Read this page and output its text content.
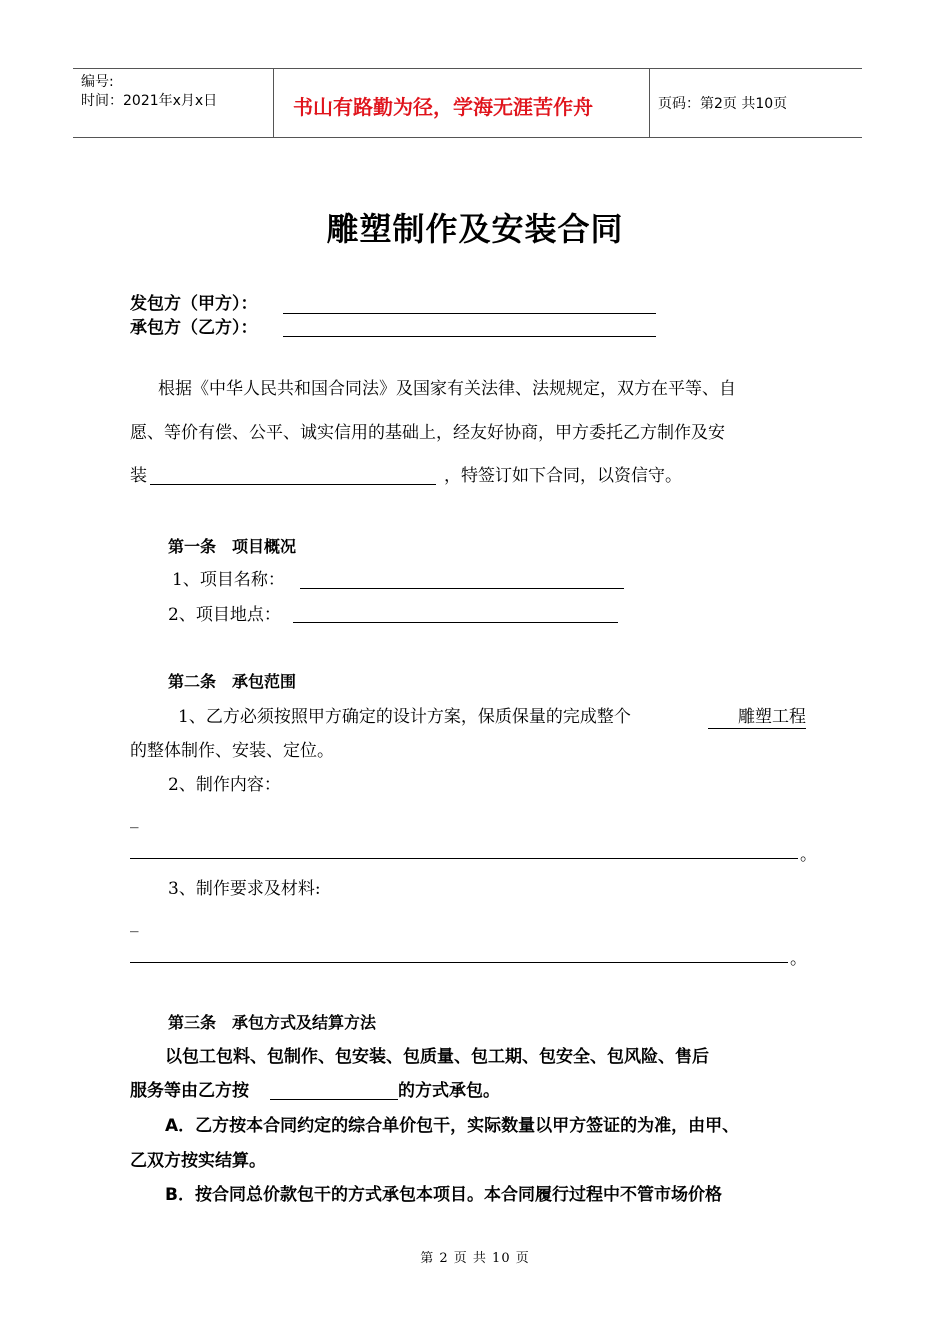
编号:
时间：2021年x月x日	书山有路勤为径，学海无涯苦作舟	页码：第2页 共10页
雕塑制作及安装合同
发包方（甲方）：
承包方（乙方）：
根据《中华人民共和国合同法》及国家有关法律、法规规定，双方在平等、自
愿、等价有偿、公平、诚实信用的基础上，经友好协商，甲方委托乙方制作及安
装	，特签订如下合同，以资信守。
第一条　项目概况
1、项目名称：
2、项目地点：
第二条　承包范围
1、乙方必须按照甲方确定的设计方案，保质保量的完成整个	雕塑工程
的整体制作、安装、定位。
2、制作内容：
_
。
3、制作要求及材料:
_
。
第三条　承包方式及结算方法
以包工包料、包制作、包安装、包质量、包工期、包安全、包风险、售后
服务等由乙方按	的方式承包。
A．乙方按本合同约定的综合单价包干，实际数量以甲方签证的为准，由甲、
乙双方按实结算。
B．按合同总价款包干的方式承包本项目。本合同履行过程中不管市场价格
第 2 页 共 10 页
